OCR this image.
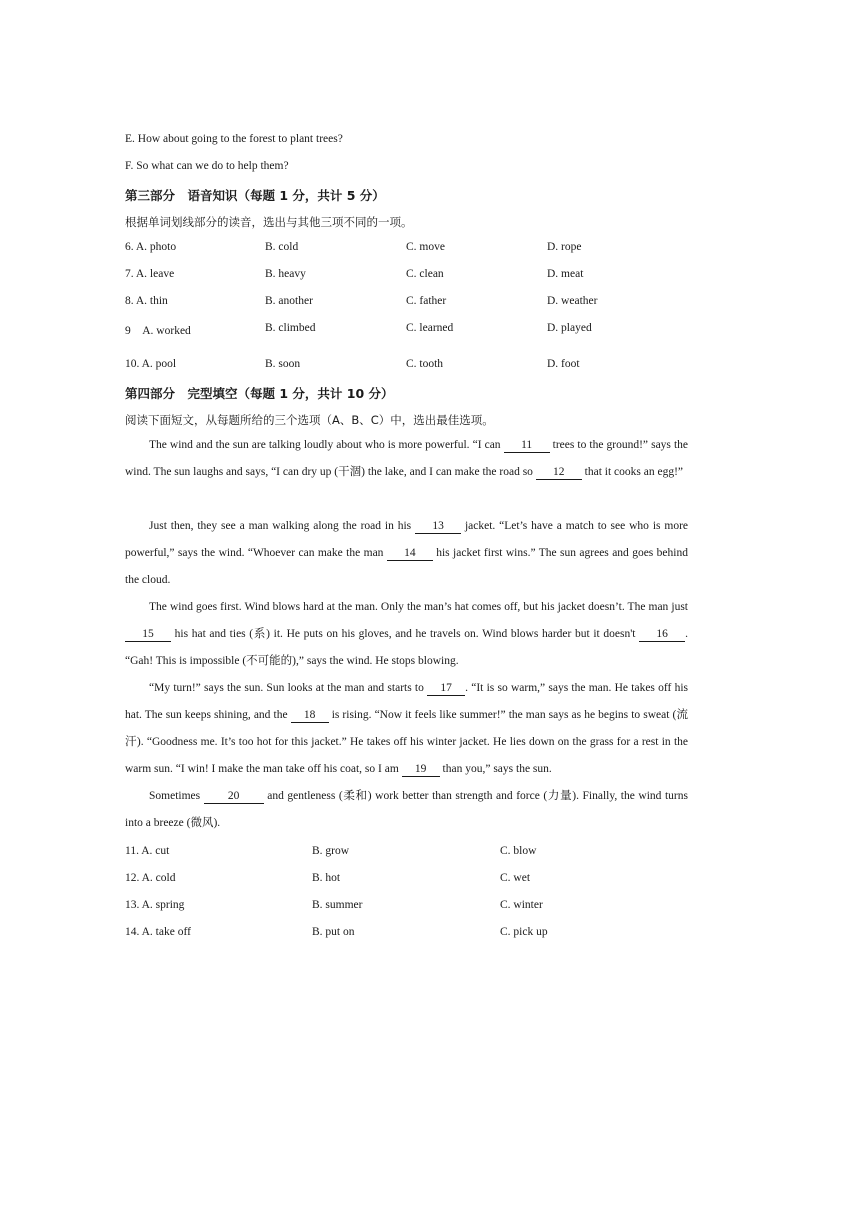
E. How about going to the forest to plant trees?
F. So what can we do to help them?
第三部分　语音知识（每题 1 分，共计 5 分）
根据单词划线部分的读音，选出与其他三项不同的一项。
6. A. photo	B. cold	C. move	D. rope
7. A. leave	B. heavy	C. clean	D. meat
8. A. thin	B. another	C. father	D. weather
9　A. worked	B. climbed	C. learned	D. played
10. A. pool	B. soon	C. tooth	D. foot
第四部分　完型填空（每题 1 分，共计 10 分）
阅读下面短文，从每题所给的三个选项（A、B、C）中，选出最佳选项。

The wind and the sun are talking loudly about who is more powerful. “I can 11 trees to the ground!” says the wind. The sun laughs and says, “I can dry up (干涸) the lake, and I can make the road so 12 that it cooks an egg!”

Just then, they see a man walking along the road in his 13 jacket. “Let’s have a match to see who is more powerful,” says the wind. “Whoever can make the man 14 his jacket first wins.” The sun agrees and goes behind the cloud.

The wind goes first. Wind blows hard at the man. Only the man’s hat comes off, but his jacket doesn’t. The man just 15 his hat and ties (系) it. He puts on his gloves, and he travels on. Wind blows harder but it doesn't 16 . “Gah! This is impossible (不可能的),” says the wind. He stops blowing.

“My turn!” says the sun. Sun looks at the man and starts to 17 . “It is so warm,” says the man. He takes off his hat. The sun keeps shining, and the 18 is rising. “Now it feels like summer!” the man says as he begins to sweat (流汗). “Goodness me. It’s too hot for this jacket.” He takes off his winter jacket. He lies down on the grass for a rest in the warm sun. “I win! I make the man take off his coat, so I am 19 than you,” says the sun.

Sometimes 20 and gentleness (柔和) work better than strength and force (力量). Finally, the wind turns into a breeze (微风).

11. A. cut	B. grow	C. blow
12. A. cold	B. hot	C. wet
13. A. spring	B. summer	C. winter
14. A. take off	B. put on	C. pick up
